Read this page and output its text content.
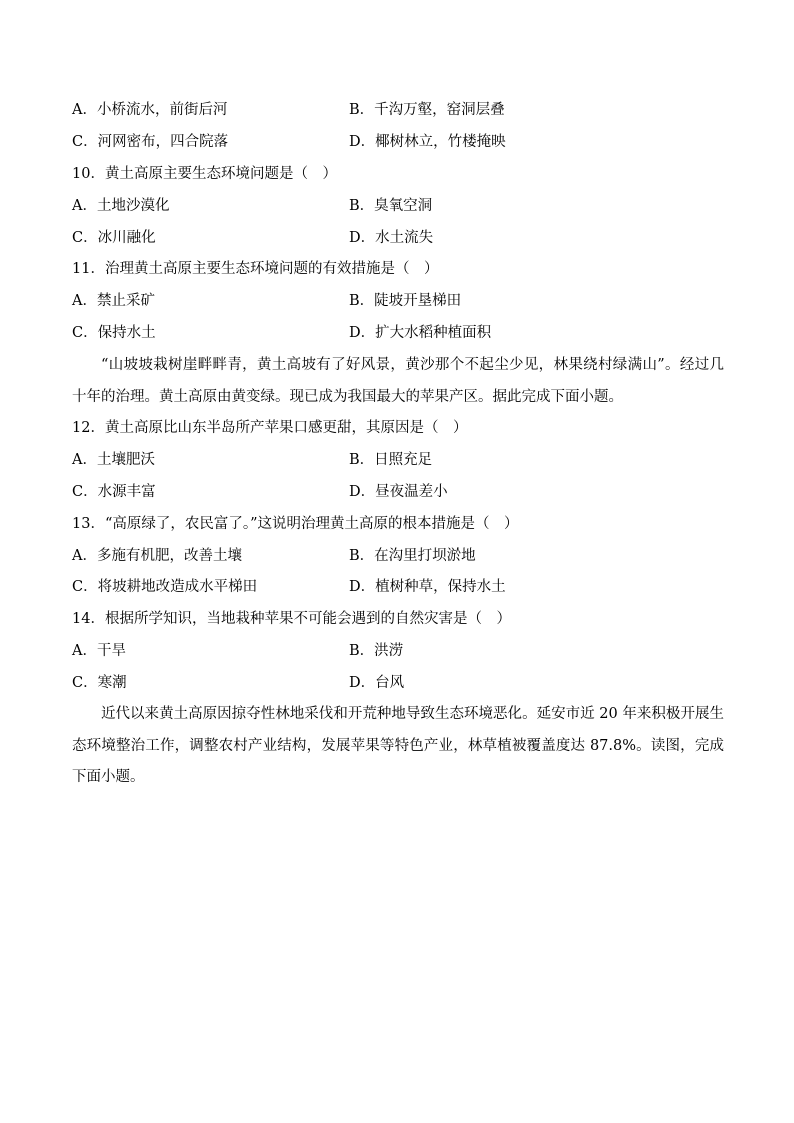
A．小桥流水，前街后河	B．千沟万壑，窑洞层叠
C．河网密布，四合院落	D．椰树林立，竹楼掩映
10．黄土高原主要生态环境问题是（　）
A．土地沙漠化	B．臭氧空洞
C．冰川融化	D．水土流失
11．治理黄土高原主要生态环境问题的有效措施是（　）
A．禁止采矿	B．陡坡开垦梯田
C．保持水土	D．扩大水稻种植面积
“山坡坡栽树崖畔畔青，黄土高坡有了好风景，黄沙那个不起尘少见，林果绕村绿满山”。经过几十年的治理。黄土高原由黄变绿。现已成为我国最大的苹果产区。据此完成下面小题。
12．黄土高原比山东半岛所产苹果口感更甜，其原因是（　）
A．土壤肥沃	B．日照充足
C．水源丰富	D．昼夜温差小
13．“高原绿了，农民富了。”这说明治理黄土高原的根本措施是（　）
A．多施有机肥，改善土壤	B．在沟里打坝淤地
C．将坡耕地改造成水平梯田	D．植树种草，保持水土
14．根据所学知识，当地栽种苹果不可能会遇到的自然灾害是（　）
A．干旱	B．洪涝
C．寒潮	D．台风
近代以来黄土高原因掠夺性林地采伐和开荒种地导致生态环境恶化。延安市近 20 年来积极开展生态环境整治工作，调整农村产业结构，发展苹果等特色产业，林草植被覆盖度达 87.8%。读图，完成下面小题。
